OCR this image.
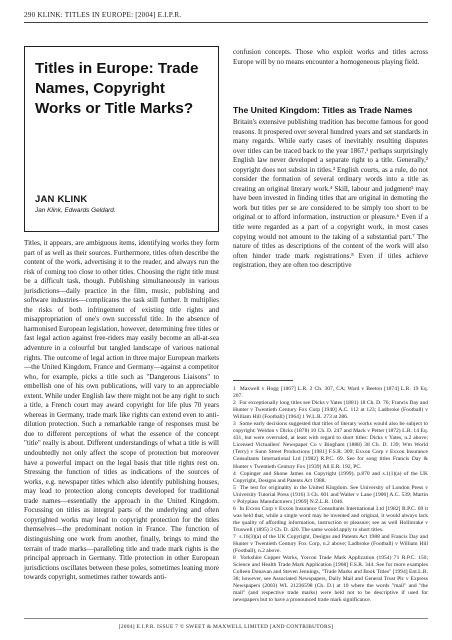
290 KLINK: TITLES IN EUROPE: [2004] E.I.P.R.
Titles in Europe: Trade Names, Copyright Works or Title Marks?
JAN KLINK
Jan Klink, Edwards Geldard.

Titles, it appears, are ambiguous items, identifying works they form part of as well as their sources. Furthermore, titles often describe the content of the work, advertising it to the reader, and always run the risk of coming too close to other titles. Choosing the right title must be a difficult task, though. Publishing simultaneously in various jurisdictions—daily practice in the film, music, publishing and software industries—complicates the task still further. It multiplies the risks of both infringement of existing title rights and misappropriation of one's own successful title. In the absence of harmonised European legislation, however, determining free titles or fast legal action against free-riders may easily become an all-at-sea adventure in a colourful but tangled landscape of various national rights. The outcome of legal action in three major European markets—the United Kingdom, France and Germany—against a competitor who, for example, picks a title such as "Dangerous Liaisons" to embellish one of his own publications, will vary to an appreciable extent. While under English law there might not be any right to such a title, a French court may award copyright for life plus 70 years whereas in Germany, trade mark like rights can extend even to anti-dilution protection. Such a remarkable range of responses must be due to different perceptions of what the essence of the concept "title" really is about. Different understandings of what a title is will undoubtedly not only affect the scope of protection but moreover have a powerful impact on the legal basis that title rights rest on. Stressing the function of titles as indications of the sources of works, e.g. newspaper titles which also identify publishing houses, may lead to protection along concepts developed for traditional trade names—essentially the approach in the United Kingdom. Focussing on titles as integral parts of the underlying and often copyrighted works may lead to copyright protection for the titles themselves—the predominant notion in France. The function of distinguishing one work from another, finally, brings to mind the terrain of trade marks—paralleling title and trade mark rights is the principal approach in Germany. Title protection in other European jurisdictions oscillates between these poles, sometimes leaning more towards copyright, sometimes rather towards anti-

confusion concepts. Those who exploit works and titles across Europe will by no means encounter a homogeneous playing field.

The United Kingdom: Titles as Trade Names

Britain's extensive publishing tradition has become famous for good reasons. It prospered over several hundred years and set standards in many regards. While early cases of inevitably resulting disputes over titles can be traced back to the year 1867,¹ perhaps surprisingly English law never developed a separate right to a title. Generally,² copyright does not subsist in titles.³ English courts, as a rule, do not consider the formation of several ordinary words into a title as creating an original literary work.⁴ Skill, labour and judgment⁵ may have been invested in finding titles that are original in demoting the work but titles per se are considered to be simply too short to be original or to afford information, instruction or pleasure.⁶ Even if a title were regarded as a part of a copyright work, in most cases copying would not amount to the taking of a substantial part.⁷ The nature of titles as descriptions of the content of the work will also often hinder trade mark registrations.⁸ Even if titles achieve registration, they are often too descriptive

1 Maxwell v Hogg [1867] L.R. 2 Ch. 307, CA; Ward v Beeton [1874] L.R. 19 Eq. 207.

2 For exceptionally long titles see Dicks v Yates (1881) 18 Ch. D. 76; Francis Day and Hunter v Twentieth Century Fox Corp [1940] A.C. 112 at 123; Ladbroke (Football) v William Hill (Football) [1964] 1 W.L.R. 273 at 286.

3 Some early decisions suggested that titles of literary works would also be subject to copyright: Weldon v Dicks (1878) 10 Ch. D. 247 and Mack v Petter (1872) L.R. 14 Eq. 431, but were overruled, at least with regard to short titles: Dicks v Yates, n.2 above; Licensed Victuallers' Newspaper Co v Bingham (1888) 38 Ch. D. 139; Wm World (Terry) v Sunn Street Productions [1981] F.S.R. 309; Exxon Corp v Exxon Insurance Consultants International Ltd [1982] R.P.C. 69. See for song titles Francis Day & Hunter v Twentieth Century Fox [1939] All E.R. 192, PC.

4 Copinger and Skone James on Copyright (1999), p.870 and s.1(1)(a) of the UK Copyright, Designs and Patents Act 1988.

5 The test for originality in the United Kingdom. See University of London Press v University Tutorial Press (1916) 3 Ch. 601 and Walter v Lane [1900] A.C. 539; Martin v Polyplass Manufacturers [1969] N.Z.L.R. 1046.

6 In Exxon Corp v Exxon Insurance Consultants International Ltd [1982] R.P.C. 69 it was held that, while a single word may be invented and original, it would always lack the quality of affording information, instruction or pleasure; see as well Hollinrake v Truswell (1895) 3 Ch. D. 420. The same would apply to short titles.

7 s.16(3)(a) of the UK Copyright, Designs and Patents Act 1988 and Francis Day and Hunter v Twentieth Century Fox Corp, n.2 above; Ladbroke (Football) v William Hill (Football), n.2 above.

8 Yorkshire Copper Works, Yorcon Trade Mark Application (1954) 71 R.P.C. 150; Science and Health Trade Mark Application [1968] F.S.R. 344. See for more examples Colleen Donavan and Steven Jennings, "Trade Marks and Book Titles" [1994] Ent.L.R. 38; however, see Associated Newspapers, Daily Mail and General Trust Plc v Express Newspapers (2003) WL 21236598 (Ch. D.) at 10 where the words "mail" and "the mail" (and respective trade marks) were held not to be descriptive if used for newspapers but to have a pronounced trade mark significance.

[2004] E.I.P.R. ISSUE 7 © SWEET & MAXWELL LIMITED [AND CONTRIBUTORS]
